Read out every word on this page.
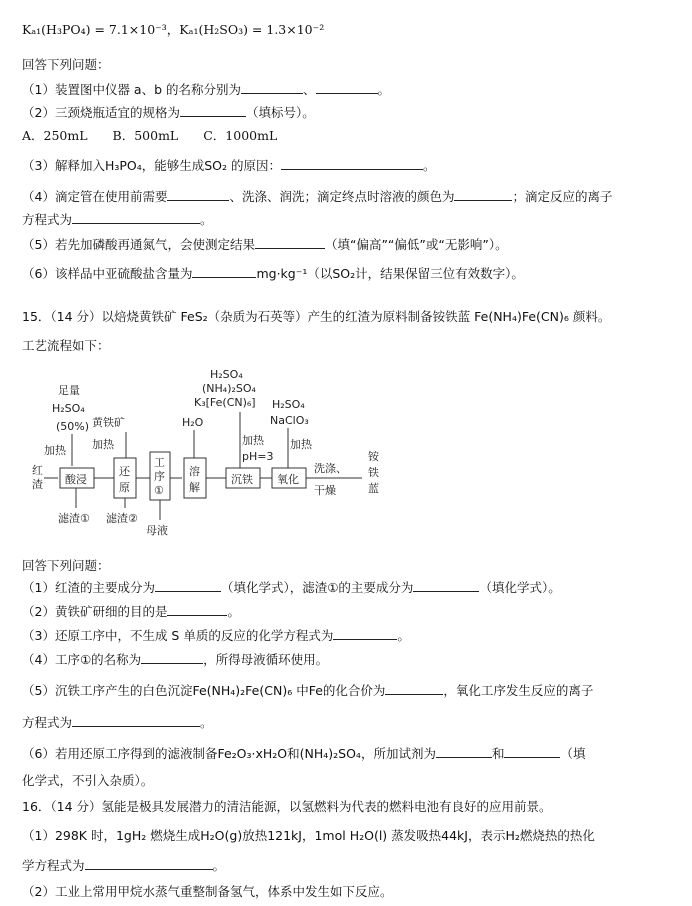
Kₐ₁(H₃PO₄) = 7.1×10⁻³，Kₐ₁(H₂SO₃) = 1.3×10⁻²
回答下列问题：
（1）装置图中仪器 a、b 的名称分别为	、	。
（2）三颈烧瓶适宜的规格为	（填标号）。
A．250mL　　B．500mL　　C．1000mL
（3）解释加入H₃PO₄，能够生成SO₂ 的原因：	。
（4）滴定管在使用前需要	、洗涤、润洗；滴定终点时溶液的颜色为	；滴定反应的离子
方程式为	。
（5）若先加磷酸再通氮气，会使测定结果	（填“偏高”“偏低”或“无影响”）。
（6）该样品中亚硫酸盐含量为	mg·kg⁻¹（以SO₂计，结果保留三位有效数字）。
15．（14 分）以焙烧黄铁矿 FeS₂（杂质为石英等）产生的红渣为原料制备铵铁蓝 Fe(NH₄)Fe(CN)₆ 颜料。
工艺流程如下：
足量
H₂SO₄
(50%)
加热
红
渣 酸浸
滤渣①
黄铁矿
加热
还
原
滤渣②
工
序
①
母液
H₂O
溶
解
H₂SO₄
(NH₄)₂SO₄
K₃[Fe(CN)₆]
加热
pH=3
沉铁
H₂SO₄
NaClO₃
加热
氧化
洗涤、
干燥
铵
铁
蓝
回答下列问题：
（1）红渣的主要成分为	（填化学式），滤渣①的主要成分为	（填化学式）。
（2）黄铁矿研细的目的是	。
（3）还原工序中，不生成 S 单质的反应的化学方程式为	。
（4）工序①的名称为	，所得母液循环使用。
（5）沉铁工序产生的白色沉淀Fe(NH₄)₂Fe(CN)₆ 中Fe的化合价为	，氧化工序发生反应的离子
方程式为	。
（6）若用还原工序得到的滤液制备Fe₂O₃·xH₂O和(NH₄)₂SO₄，所加试剂为	和	（填
化学式，不引入杂质）。
16．（14 分）氢能是极具发展潜力的清洁能源，以氢燃料为代表的燃料电池有良好的应用前景。
（1）298K 时，1gH₂ 燃烧生成H₂O(g)放热121kJ，1mol H₂O(l) 蒸发吸热44kJ，表示H₂燃烧热的热化
学方程式为	。
（2）工业上常用甲烷水蒸气重整制备氢气，体系中发生如下反应。
